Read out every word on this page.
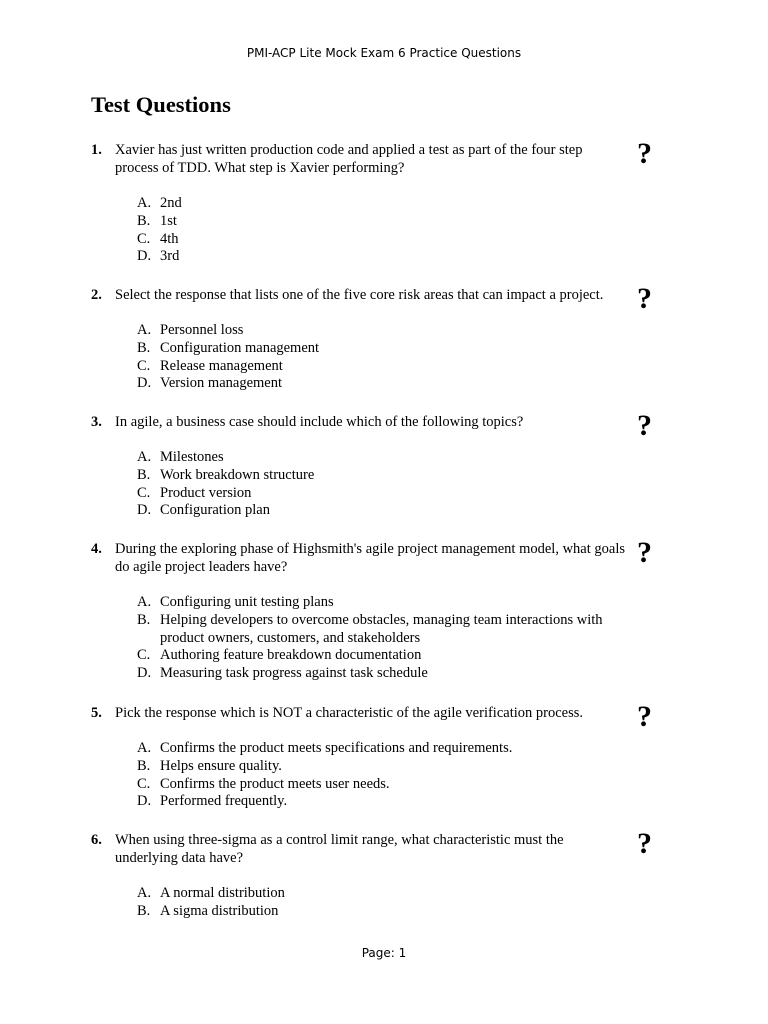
PMI-ACP Lite Mock Exam 6 Practice Questions
Test Questions
1. Xavier has just written production code and applied a test as part of the four step process of TDD. What step is Xavier performing?	?
A. 2nd
B. 1st
C. 4th
D. 3rd
2. Select the response that lists one of the five core risk areas that can impact a project.	?
A. Personnel loss
B. Configuration management
C. Release management
D. Version management
3. In agile, a business case should include which of the following topics?	?
A. Milestones
B. Work breakdown structure
C. Product version
D. Configuration plan
4. During the exploring phase of Highsmith's agile project management model, what goals do agile project leaders have?	?
A. Configuring unit testing plans
B. Helping developers to overcome obstacles, managing team interactions with product owners, customers, and stakeholders
C. Authoring feature breakdown documentation
D. Measuring task progress against task schedule
5. Pick the response which is NOT a characteristic of the agile verification process.	?
A. Confirms the product meets specifications and requirements.
B. Helps ensure quality.
C. Confirms the product meets user needs.
D. Performed frequently.
6. When using three-sigma as a control limit range, what characteristic must the underlying data have?	?
A. A normal distribution
B. A sigma distribution
Page: 1
